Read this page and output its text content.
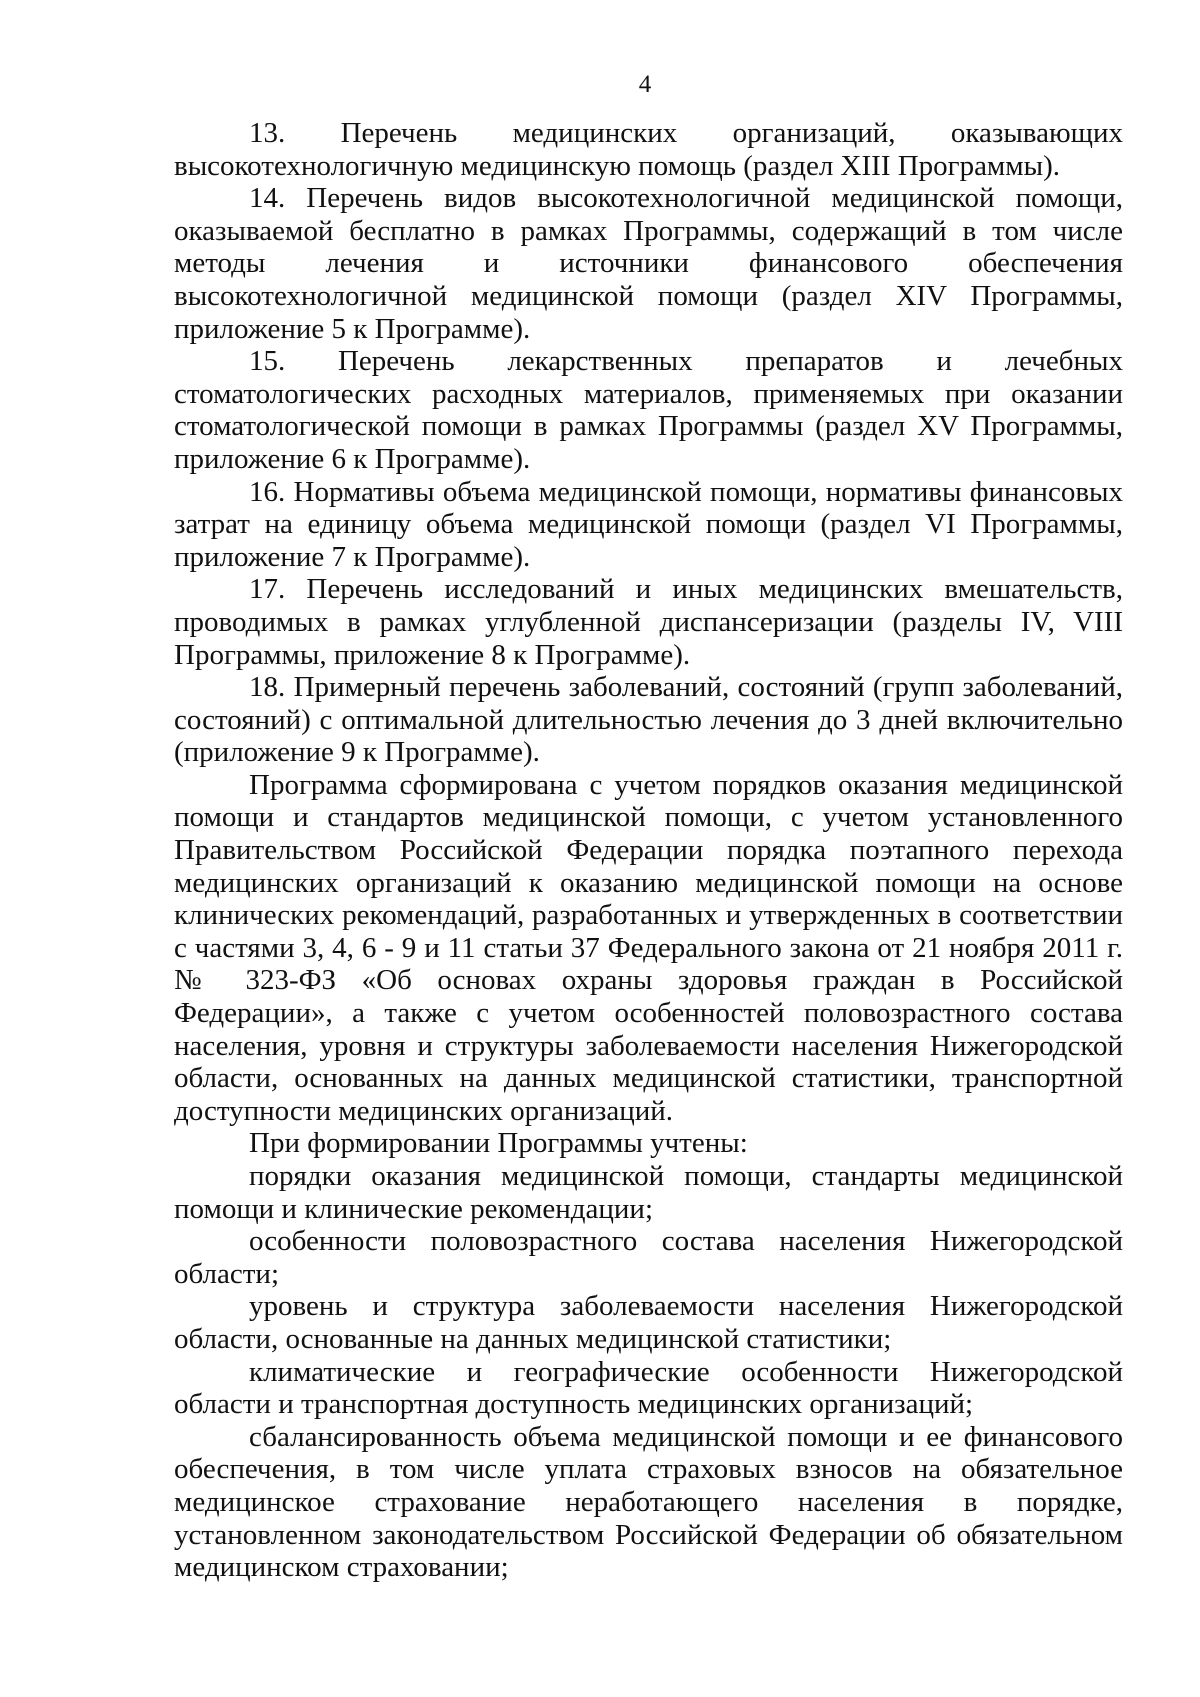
4

13. Перечень медицинских организаций, оказывающих высокотехнологичную медицинскую помощь (раздел XIII Программы).

14. Перечень видов высокотехнологичной медицинской помощи, оказываемой бесплатно в рамках Программы, содержащий в том числе методы лечения и источники финансового обеспечения высокотехнологичной медицинской помощи (раздел XIV Программы, приложение 5 к Программе).

15. Перечень лекарственных препаратов и лечебных стоматологических расходных материалов, применяемых при оказании стоматологической помощи в рамках Программы (раздел XV Программы, приложение 6 к Программе).

16. Нормативы объема медицинской помощи, нормативы финансовых затрат на единицу объема медицинской помощи (раздел VI Программы, приложение 7 к Программе).

17. Перечень исследований и иных медицинских вмешательств, проводимых в рамках углубленной диспансеризации (разделы IV, VIII Программы, приложение 8 к Программе).

18. Примерный перечень заболеваний, состояний (групп заболеваний, состояний) с оптимальной длительностью лечения до 3 дней включительно (приложение 9 к Программе).

Программа сформирована с учетом порядков оказания медицинской помощи и стандартов медицинской помощи, с учетом установленного Правительством Российской Федерации порядка поэтапного перехода медицинских организаций к оказанию медицинской помощи на основе клинических рекомендаций, разработанных и утвержденных в соответствии с частями 3, 4, 6 - 9 и 11 статьи 37 Федерального закона от 21 ноября 2011 г. № 323-ФЗ «Об основах охраны здоровья граждан в Российской Федерации», а также с учетом особенностей половозрастного состава населения, уровня и структуры заболеваемости населения Нижегородской области, основанных на данных медицинской статистики, транспортной доступности медицинских организаций.

При формировании Программы учтены:

порядки оказания медицинской помощи, стандарты медицинской помощи и клинические рекомендации;

особенности половозрастного состава населения Нижегородской области;

уровень и структура заболеваемости населения Нижегородской области, основанные на данных медицинской статистики;

климатические и географические особенности Нижегородской области и транспортная доступность медицинских организаций;

сбалансированность объема медицинской помощи и ее финансового обеспечения, в том числе уплата страховых взносов на обязательное медицинское страхование неработающего населения в порядке, установленном законодательством Российской Федерации об обязательном медицинском страховании;
